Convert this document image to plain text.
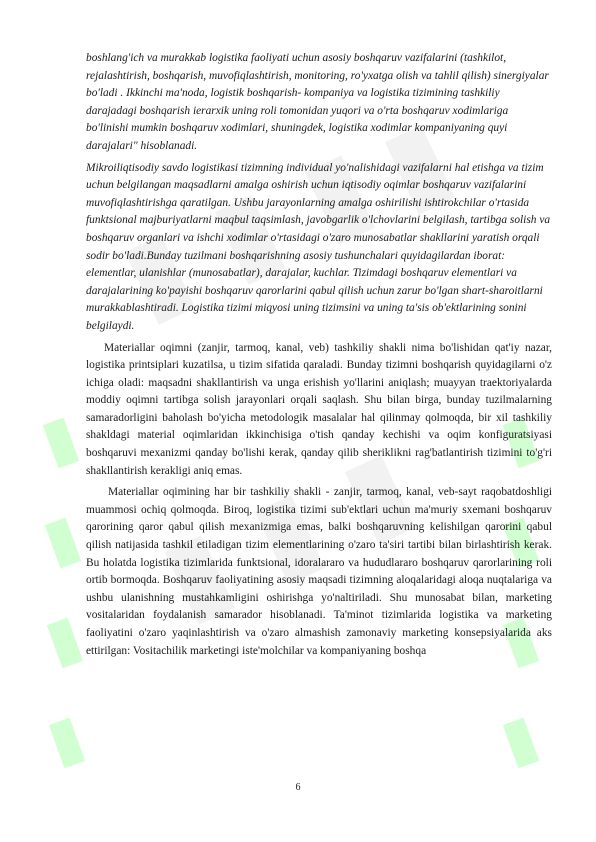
boshlang'ich va murakkab logistika faoliyati uchun asosiy boshqaruv vazifalarini (tashkilot, rejalashtirish, boshqarish, muvofiqlashtirish, monitoring, ro'yxatga olish va tahlil qilish) sinergiyalar bo'ladi . Ikkinchi ma'noda, logistik boshqarish- kompaniya va logistika tizimining tashkiliy darajadagi boshqarish ierarxik uning roli tomonidan yuqori va o'rta boshqaruv xodimlariga bo'linishi mumkin boshqaruv xodimlari, shuningdek, logistika xodimlar kompaniyaning quyi darajalari" hisoblanadi.

Mikroiliqtisodiy savdo logistikasi tizimning individual yo'nalishidagi vazifalarni hal etishga va tizim uchun belgilangan maqsadlarni amalga oshirish uchun iqtisodiy oqimlar boshqaruv vazifalarini muvofiqlashtirishga qaratilgan. Ushbu jarayonlarning amalga oshirilishi ishtirokchilar o'rtasida funktsional majburiyatlarni maqbul taqsimlash, javobgarlik o'lchovlarini belgilash, tartibga solish va boshqaruv organlari va ishchi xodimlar o'rtasidagi o'zaro munosabatlar shakllarini yaratish orqali sodir bo'ladi.Bunday tuzilmani boshqarishning asosiy tushunchalari quyidagilardan iborat: elementlar, ulanishlar (munosabatlar), darajalar, kuchlar. Tizimdagi boshqaruv elementlari va darajalarining ko'payishi boshqaruv qarorlarini qabul qilish uchun zarur bo'lgan shart-sharoitlarni murakkablashtiradi. Logistika tizimi miqyosi uning tizimsini va uning ta'sis ob'ektlarining sonini belgilaydi.

Materiallar oqimni (zanjir, tarmoq, kanal, veb) tashkiliy shakli nima bo'lishidan qat'iy nazar, logistika printsiplari kuzatilsa, u tizim sifatida qaraladi. Bunday tizimni boshqarish quyidagilarni o'z ichiga oladi: maqsadni shakllantirish va unga erishish yo'llarini aniqlash; muayyan traektoriyalarda moddiy oqimni tartibga solish jarayonlari orqali saqlash. Shu bilan birga, bunday tuzilmalarning samaradorligini baholash bo'yicha metodologik masalalar hal qilinmay qolmoqda, bir xil tashkiliy shakldagi material oqimlaridan ikkinchisiga o'tish qanday kechishi va oqim konfiguratsiyasi boshqaruvi mexanizmi qanday bo'lishi kerak, qanday qilib sheriklikni rag'batlantirish tizimini to'g'ri shakllantirish kerakligi aniq emas.

Materiallar oqimining har bir tashkiliy shakli - zanjir, tarmoq, kanal, veb-sayt raqobatdoshligi muammosi ochiq qolmoqda. Biroq, logistika tizimi sub'ektlari uchun ma'muriy sxemani boshqaruv qarorining qaror qabul qilish mexanizmiga emas, balki boshqaruvning kelishilgan qarorini qabul qilish natijasida tashkil etiladigan tizim elementlarining o'zaro ta'siri tartibi bilan birlashtirish kerak. Bu holatda logistika tizimlarida funktsional, idoralararo va hududlararo boshqaruv qarorlarining roli ortib bormoqda. Boshqaruv faoliyatining asosiy maqsadi tizimning aloqalaridagi aloqa nuqtalariga va ushbu ulanishning mustahkamligini oshirishga yo'naltiriladi. Shu munosabat bilan, marketing vositalaridan foydalanish samarador hisoblanadi. Ta'minot tizimlarida logistika va marketing faoliyatini o'zaro yaqinlashtirish va o'zaro almashish zamonaviy marketing konsepsiyalarida aks ettirilgan: Vositachilik marketingi iste'molchilar va kompaniyaning boshqa

6
